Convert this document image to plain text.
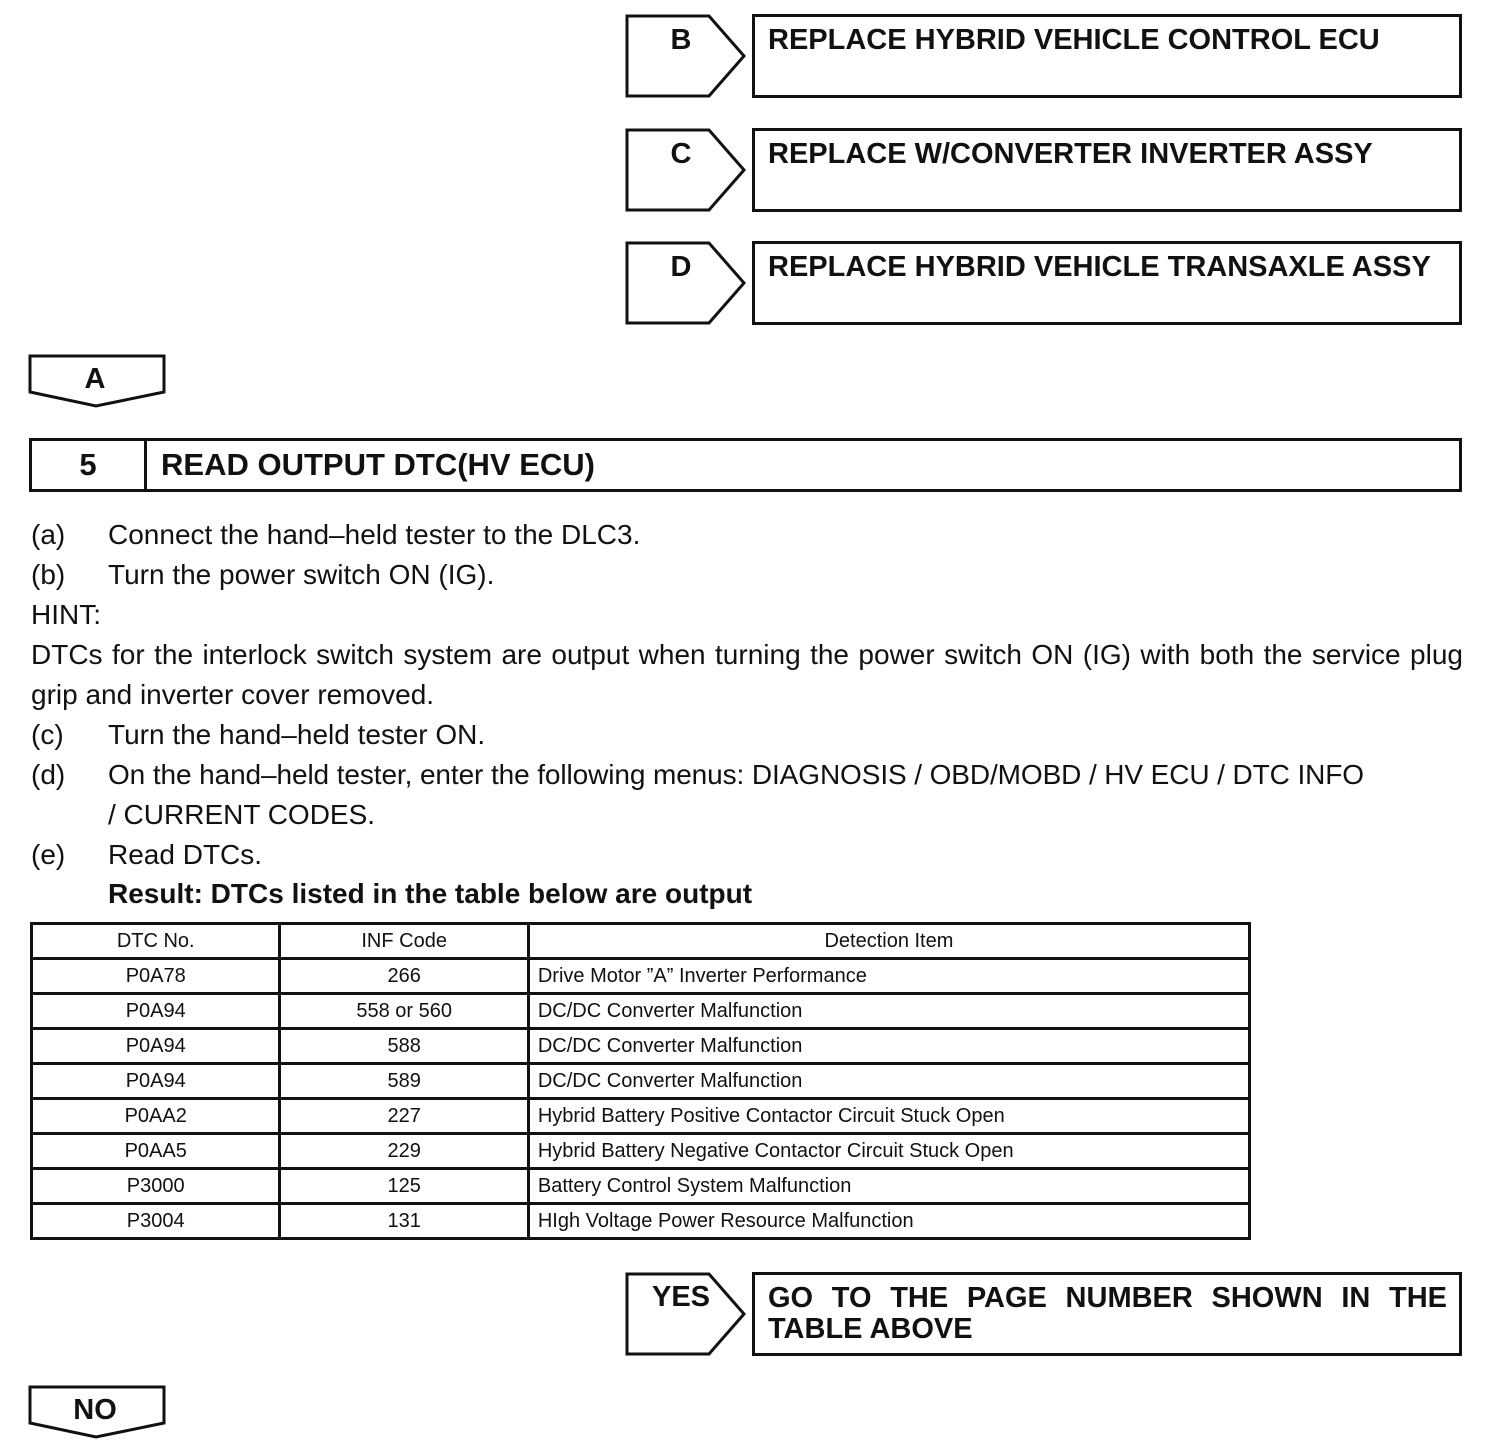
B	REPLACE HYBRID VEHICLE CONTROL ECU
C	REPLACE W/CONVERTER INVERTER ASSY
D	REPLACE HYBRID VEHICLE TRANSAXLE ASSY
A
5	READ OUTPUT DTC(HV ECU)
(a) Connect the hand–held tester to the DLC3.
(b) Turn the power switch ON (IG).
HINT:
DTCs for the interlock switch system are output when turning the power switch ON (IG) with both the service plug grip and inverter cover removed.
(c) Turn the hand–held tester ON.
(d) On the hand–held tester, enter the following menus: DIAGNOSIS / OBD/MOBD / HV ECU / DTC INFO
/ CURRENT CODES.
(e) Read DTCs.
Result: DTCs listed in the table below are output
DTC No.	INF Code	Detection Item
P0A78	266	Drive Motor ”A” Inverter Performance
P0A94	558 or 560	DC/DC Converter Malfunction
P0A94	588	DC/DC Converter Malfunction
P0A94	589	DC/DC Converter Malfunction
P0AA2	227	Hybrid Battery Positive Contactor Circuit Stuck Open
P0AA5	229	Hybrid Battery Negative Contactor Circuit Stuck Open
P3000	125	Battery Control System Malfunction
P3004	131	HIgh Voltage Power Resource Malfunction
YES	GO TO THE PAGE NUMBER SHOWN IN THE TABLE ABOVE
NO
